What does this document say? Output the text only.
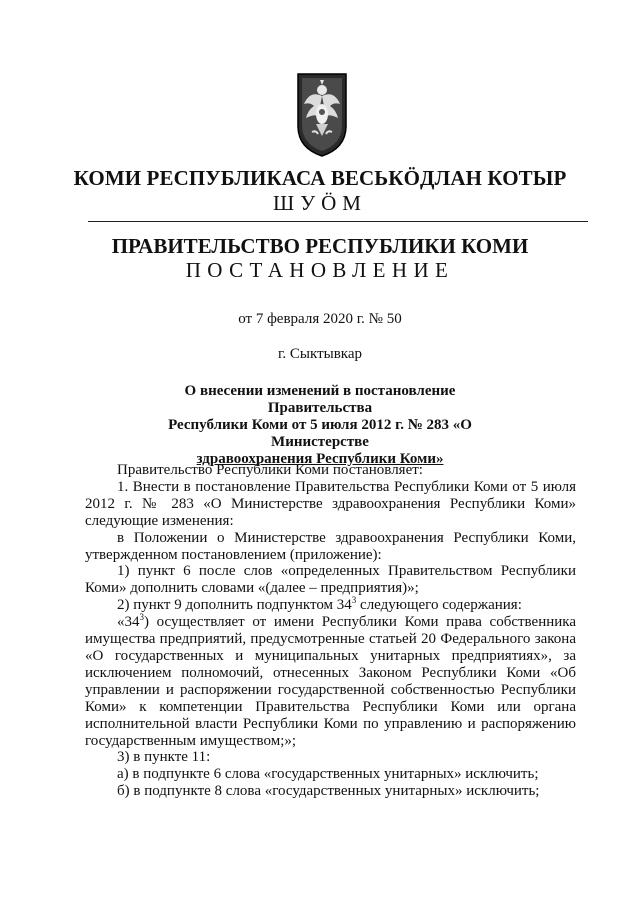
КОМИ РЕСПУБЛИКАСА ВЕСЬКÖДЛАН КОТЫР
ШУÖМ
ПРАВИТЕЛЬСТВО РЕСПУБЛИКИ КОМИ
ПОСТАНОВЛЕНИЕ
от 7 февраля 2020 г. № 50
г. Сыктывкар
О внесении изменений в постановление Правительства
Республики Коми от 5 июля 2012 г. № 283 «О Министерстве
здравоохранения Республики Коми»

Правительство Республики Коми постановляет:

1. Внести в постановление Правительства Республики Коми от 5 июля 2012 г. № 283 «О Министерстве здравоохранения Республики Коми» следующие изменения:

в Положении о Министерстве здравоохранения Республики Коми, утвержденном постановлением (приложение):

1) пункт 6 после слов «определенных Правительством Республики Коми» дополнить словами «(далее – предприятия)»;

2) пункт 9 дополнить подпунктом $34^3$ следующего содержания:

«$34^3$) осуществляет от имени Республики Коми права собственника имущества предприятий, предусмотренные статьей 20 Федерального закона «О государственных и муниципальных унитарных предприятиях», за исключением полномочий, отнесенных Законом Республики Коми «Об управлении и распоряжении государственной собственностью Республики Коми» к компетенции Правительства Республики Коми или органа исполнительной власти Республики Коми по управлению и распоряжению государственным имуществом;»;

3) в пункте 11:

а) в подпункте 6 слова «государственных унитарных» исключить;

б) в подпункте 8 слова «государственных унитарных» исключить;
